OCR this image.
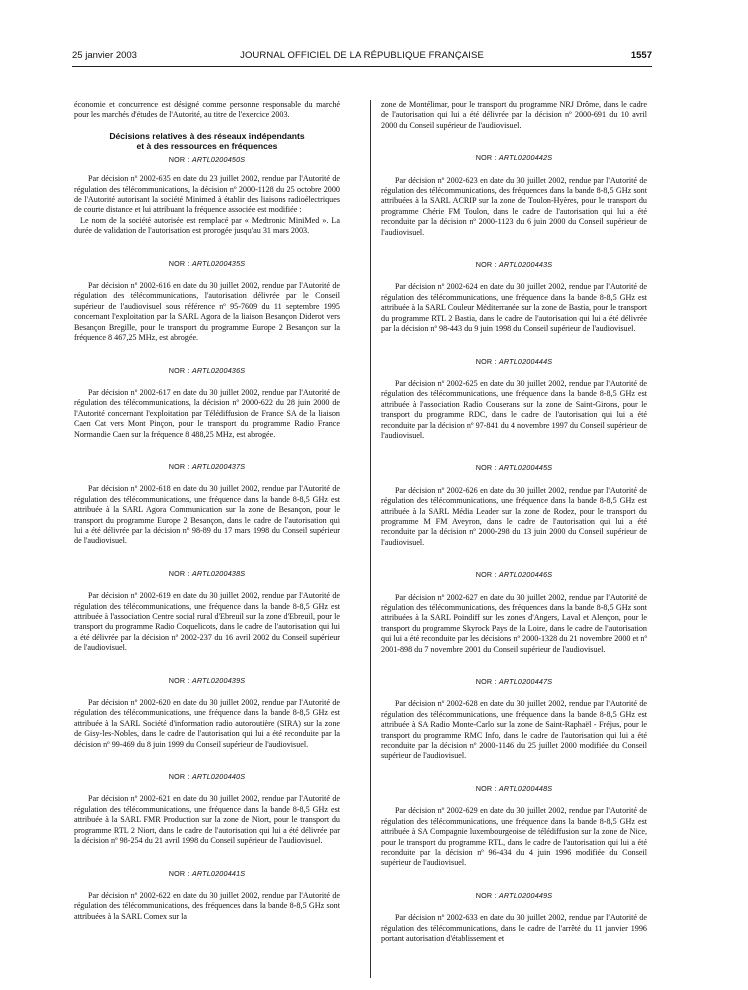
25 janvier 2003	JOURNAL OFFICIEL DE LA RÉPUBLIQUE FRANÇAISE	1557

économie et concurrence est désigné comme personne responsable du marché pour les marchés d'études de l'Autorité, au titre de l'exercice 2003.

Décisions relatives à des réseaux indépendants
et à des ressources en fréquences
NOR : ARTL0200450S

Par décision nº 2002-635 en date du 23 juillet 2002, rendue par l'Autorité de régulation des télécommunications, la décision nº 2000-1128 du 25 octobre 2000 de l'Autorité autorisant la société Minimed à établir des liaisons radioélectriques de courte distance et lui attribuant la fréquence associée est modifiée :

Le nom de la société autorisée est remplacé par « Medtronic MiniMed ». La durée de validation de l'autorisation est prorogée jusqu'au 31 mars 2003.

NOR : ARTL0200435S

Par décision nº 2002-616 en date du 30 juillet 2002, rendue par l'Autorité de régulation des télécommunications, l'autorisation délivrée par le Conseil supérieur de l'audiovisuel sous référence nº 95-7609 du 11 septembre 1995 concernant l'exploitation par la SARL Agora de la liaison Besançon Diderot vers Besançon Bregille, pour le transport du programme Europe 2 Besançon sur la fréquence 8 467,25 MHz, est abrogée.

NOR : ARTL0200436S

Par décision nº 2002-617 en date du 30 juillet 2002, rendue par l'Autorité de régulation des télécommunications, la décision nº 2000-622 du 28 juin 2000 de l'Autorité concernant l'exploitation par Télédiffusion de France SA de la liaison Caen Cat vers Mont Pinçon, pour le transport du programme Radio France Normandie Caen sur la fréquence 8 488,25 MHz, est abrogée.

NOR : ARTL0200437S

Par décision nº 2002-618 en date du 30 juillet 2002, rendue par l'Autorité de régulation des télécommunications, une fréquence dans la bande 8-8,5 GHz est attribuée à la SARL Agora Communication sur la zone de Besançon, pour le transport du programme Europe 2 Besançon, dans le cadre de l'autorisation qui lui a été délivrée par la décision nº 98-89 du 17 mars 1998 du Conseil supérieur de l'audiovisuel.

NOR : ARTL0200438S

Par décision nº 2002-619 en date du 30 juillet 2002, rendue par l'Autorité de régulation des télécommunications, une fréquence dans la bande 8-8,5 GHz est attribuée à l'association Centre social rural d'Ebreuil sur la zone d'Ebreuil, pour le transport du programme Radio Coquelicots, dans le cadre de l'autorisation qui lui a été délivrée par la décision nº 2002-237 du 16 avril 2002 du Conseil supérieur de l'audiovisuel.

NOR : ARTL0200439S

Par décision nº 2002-620 en date du 30 juillet 2002, rendue par l'Autorité de régulation des télécommunications, une fréquence dans la bande 8-8,5 GHz est attribuée à la SARL Société d'information radio autoroutière (SIRA) sur la zone de Gisy-les-Nobles, dans le cadre de l'autorisation qui lui a été reconduite par la décision nº 99-469 du 8 juin 1999 du Conseil supérieur de l'audiovisuel.

NOR : ARTL0200440S

Par décision nº 2002-621 en date du 30 juillet 2002, rendue par l'Autorité de régulation des télécommunications, une fréquence dans la bande 8-8,5 GHz est attribuée à la SARL FMR Production sur la zone de Niort, pour le transport du programme RTL 2 Niort, dans le cadre de l'autorisation qui lui a été délivrée par la décision nº 98-254 du 21 avril 1998 du Conseil supérieur de l'audiovisuel.

NOR : ARTL0200441S

Par décision nº 2002-622 en date du 30 juillet 2002, rendue par l'Autorité de régulation des télécommunications, des fréquences dans la bande 8-8,5 GHz sont attribuées à la SARL Comex sur la

zone de Montélimar, pour le transport du programme NRJ Drôme, dans le cadre de l'autorisation qui lui a été délivrée par la décision nº 2000-691 du 10 avril 2000 du Conseil supérieur de l'audiovisuel.

NOR : ARTL0200442S

Par décision nº 2002-623 en date du 30 juillet 2002, rendue par l'Autorité de régulation des télécommunications, des fréquences dans la bande 8-8,5 GHz sont attribuées à la SARL ACRIP sur la zone de Toulon-Hyères, pour le transport du programme Chérie FM Toulon, dans le cadre de l'autorisation qui lui a été reconduite par la décision nº 2000-1123 du 6 juin 2000 du Conseil supérieur de l'audiovisuel.

NOR : ARTL0200443S

Par décision nº 2002-624 en date du 30 juillet 2002, rendue par l'Autorité de régulation des télécommunications, une fréquence dans la bande 8-8,5 GHz est attribuée à la SARL Couleur Méditerranée sur la zone de Bastia, pour le transport du programme RTL 2 Bastia, dans le cadre de l'autorisation qui lui a été délivrée par la décision nº 98-443 du 9 juin 1998 du Conseil supérieur de l'audiovisuel.

NOR : ARTL0200444S

Par décision nº 2002-625 en date du 30 juillet 2002, rendue par l'Autorité de régulation des télécommunications, une fréquence dans la bande 8-8,5 GHz est attribuée à l'association Radio Couserans sur la zone de Saint-Girons, pour le transport du programme RDC, dans le cadre de l'autorisation qui lui a été reconduite par la décision nº 97-841 du 4 novembre 1997 du Conseil supérieur de l'audiovisuel.

NOR : ARTL0200445S

Par décision nº 2002-626 en date du 30 juillet 2002, rendue par l'Autorité de régulation des télécommunications, une fréquence dans la bande 8-8,5 GHz est attribuée à la SARL Média Leader sur la zone de Rodez, pour le transport du programme M FM Aveyron, dans le cadre de l'autorisation qui lui a été reconduite par la décision nº 2000-298 du 13 juin 2000 du Conseil supérieur de l'audiovisuel.

NOR : ARTL0200446S

Par décision nº 2002-627 en date du 30 juillet 2002, rendue par l'Autorité de régulation des télécommunications, des fréquences dans la bande 8-8,5 GHz sont attribuées à la SARL Poindiff sur les zones d'Angers, Laval et Alençon, pour le transport du programme Skyrock Pays de la Loire, dans le cadre de l'autorisation qui lui a été reconduite par les décisions nº 2000-1328 du 21 novembre 2000 et nº 2001-898 du 7 novembre 2001 du Conseil supérieur de l'audiovisuel.

NOR : ARTL0200447S

Par décision nº 2002-628 en date du 30 juillet 2002, rendue par l'Autorité de régulation des télécommunications, une fréquence dans la bande 8-8,5 GHz est attribuée à SA Radio Monte-Carlo sur la zone de Saint-Raphaël - Fréjus, pour le transport du programme RMC Info, dans le cadre de l'autorisation qui lui a été reconduite par la décision nº 2000-1146 du 25 juillet 2000 modifiée du Conseil supérieur de l'audiovisuel.

NOR : ARTL0200448S

Par décision nº 2002-629 en date du 30 juillet 2002, rendue par l'Autorité de régulation des télécommunications, une fréquence dans la bande 8-8,5 GHz est attribuée à SA Compagnie luxembourgeoise de télédiffusion sur la zone de Nice, pour le transport du programme RTL, dans le cadre de l'autorisation qui lui a été reconduite par la décision nº 96-434 du 4 juin 1996 modifiée du Conseil supérieur de l'audiovisuel.

NOR : ARTL0200449S

Par décision nº 2002-633 en date du 30 juillet 2002, rendue par l'Autorité de régulation des télécommunications, dans le cadre de l'arrêté du 11 janvier 1996 portant autorisation d'établissement et
